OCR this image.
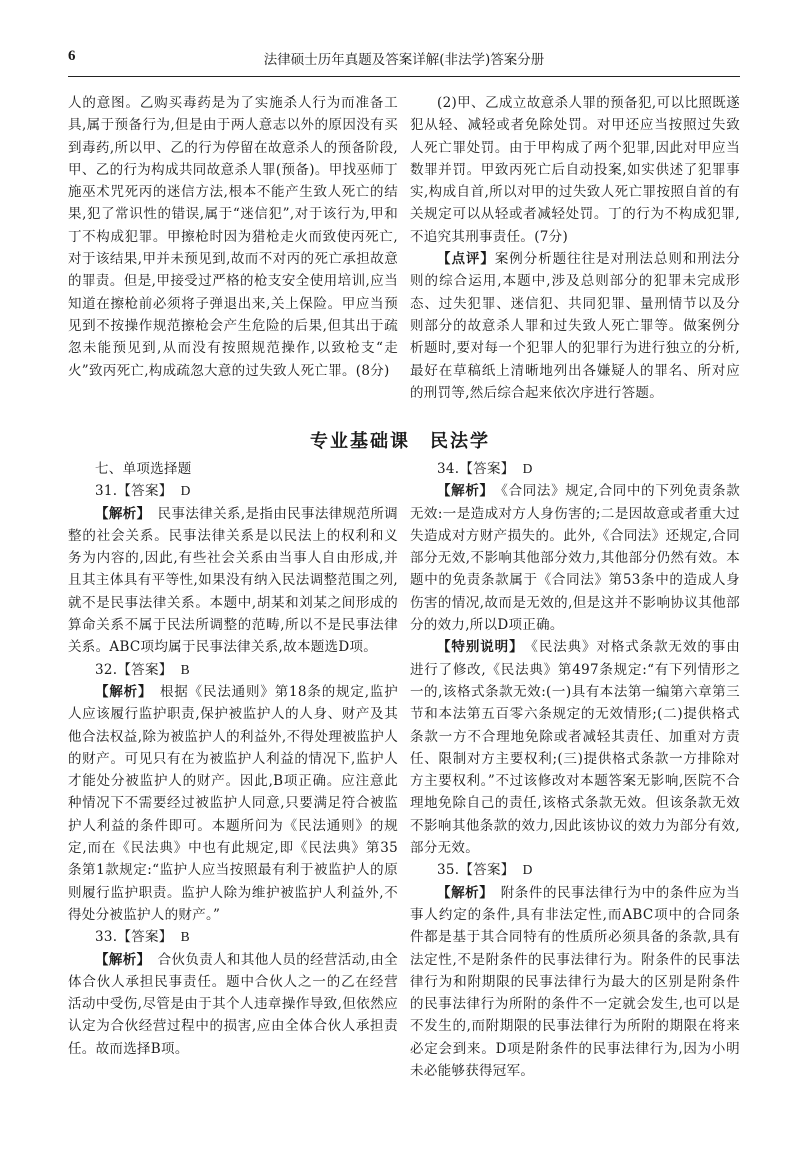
6	法律硕士历年真题及答案详解(非法学)答案分册

人的意图。乙购买毒药是为了实施杀人行为而准备工具,属于预备行为,但是由于两人意志以外的原因没有买到毒药,所以甲、乙的行为停留在故意杀人的预备阶段,甲、乙的行为构成共同故意杀人罪(预备)。甲找巫师丁施巫术咒死丙的迷信方法,根本不能产生致人死亡的结果,犯了常识性的错误,属于“迷信犯”,对于该行为,甲和丁不构成犯罪。甲擦枪时因为猎枪走火而致使丙死亡,对于该结果,甲并未预见到,故而不对丙的死亡承担故意的罪责。但是,甲接受过严格的枪支安全使用培训,应当知道在擦枪前必须将子弹退出来,关上保险。甲应当预见到不按操作规范擦枪会产生危险的后果,但其出于疏忽未能预见到,从而没有按照规范操作,以致枪支“走火”致丙死亡,构成疏忽大意的过失致人死亡罪。(8分)

(2)甲、乙成立故意杀人罪的预备犯,可以比照既遂犯从轻、减轻或者免除处罚。对甲还应当按照过失致人死亡罪处罚。由于甲构成了两个犯罪,因此对甲应当数罪并罚。甲致丙死亡后自动投案,如实供述了犯罪事实,构成自首,所以对甲的过失致人死亡罪按照自首的有关规定可以从轻或者减轻处罚。丁的行为不构成犯罪,不追究其刑事责任。(7分)

【点评】案例分析题往往是对刑法总则和刑法分则的综合运用,本题中,涉及总则部分的犯罪未完成形态、过失犯罪、迷信犯、共同犯罪、量刑情节以及分则部分的故意杀人罪和过失致人死亡罪等。做案例分析题时,要对每一个犯罪人的犯罪行为进行独立的分析,最好在草稿纸上清晰地列出各嫌疑人的罪名、所对应的刑罚等,然后综合起来依次序进行答题。

专业基础课　民法学

七、单项选择题

31.【答案】 D

【解析】　 民事法律关系,是指由民事法律规范所调整的社会关系。民事法律关系是以民法上的权利和义务为内容的,因此,有些社会关系由当事人自由形成,并且其主体具有平等性,如果没有纳入民法调整范围之列,就不是民事法律关系。本题中,胡某和刘某之间形成的算命关系不属于民法所调整的范畴,所以不是民事法律关系。ABC项均属于民事法律关系,故本题选D项。

32.【答案】 B

【解析】　 根据《民法通则》第18条的规定,监护人应该履行监护职责,保护被监护人的人身、财产及其他合法权益,除为被监护人的利益外,不得处理被监护人的财产。可见只有在为被监护人利益的情况下,监护人才能处分被监护人的财产。因此,B项正确。应注意此种情况下不需要经过被监护人同意,只要满足符合被监护人利益的条件即可。本题所问为《民法通则》的规定,而在《民法典》中也有此规定,即《民法典》第35条第1款规定:“监护人应当按照最有利于被监护人的原则履行监护职责。监护人除为维护被监护人利益外,不得处分被监护人的财产。”

33.【答案】 B

【解析】　 合伙负责人和其他人员的经营活动,由全体合伙人承担民事责任。题中合伙人之一的乙在经营活动中受伤,尽管是由于其个人违章操作导致,但依然应认定为合伙经营过程中的损害,应由全体合伙人承担责任。故而选择B项。

34.【答案】 D

【解析】　 《合同法》规定,合同中的下列免责条款无效:一是造成对方人身伤害的;二是因故意或者重大过失造成对方财产损失的。此外,《合同法》还规定,合同部分无效,不影响其他部分效力,其他部分仍然有效。本题中的免责条款属于《合同法》第53条中的造成人身伤害的情况,故而是无效的,但是这并不影响协议其他部分的效力,所以D项正确。

【特别说明】　 《民法典》对格式条款无效的事由进行了修改,《民法典》第497条规定:“有下列情形之一的,该格式条款无效:(一)具有本法第一编第六章第三节和本法第五百零六条规定的无效情形;(二)提供格式条款一方不合理地免除或者减轻其责任、加重对方责任、限制对方主要权利;(三)提供格式条款一方排除对方主要权利。”不过该修改对本题答案无影响,医院不合理地免除自己的责任,该格式条款无效。但该条款无效不影响其他条款的效力,因此该协议的效力为部分有效,部分无效。

35.【答案】 D

【解析】　 附条件的民事法律行为中的条件应为当事人约定的条件,具有非法定性,而ABC项中的合同条件都是基于其合同特有的性质所必须具备的条款,具有法定性,不是附条件的民事法律行为。附条件的民事法律行为和附期限的民事法律行为最大的区别是附条件的民事法律行为所附的条件不一定就会发生,也可以是不发生的,而附期限的民事法律行为所附的期限在将来必定会到来。D项是附条件的民事法律行为,因为小明未必能够获得冠军。
